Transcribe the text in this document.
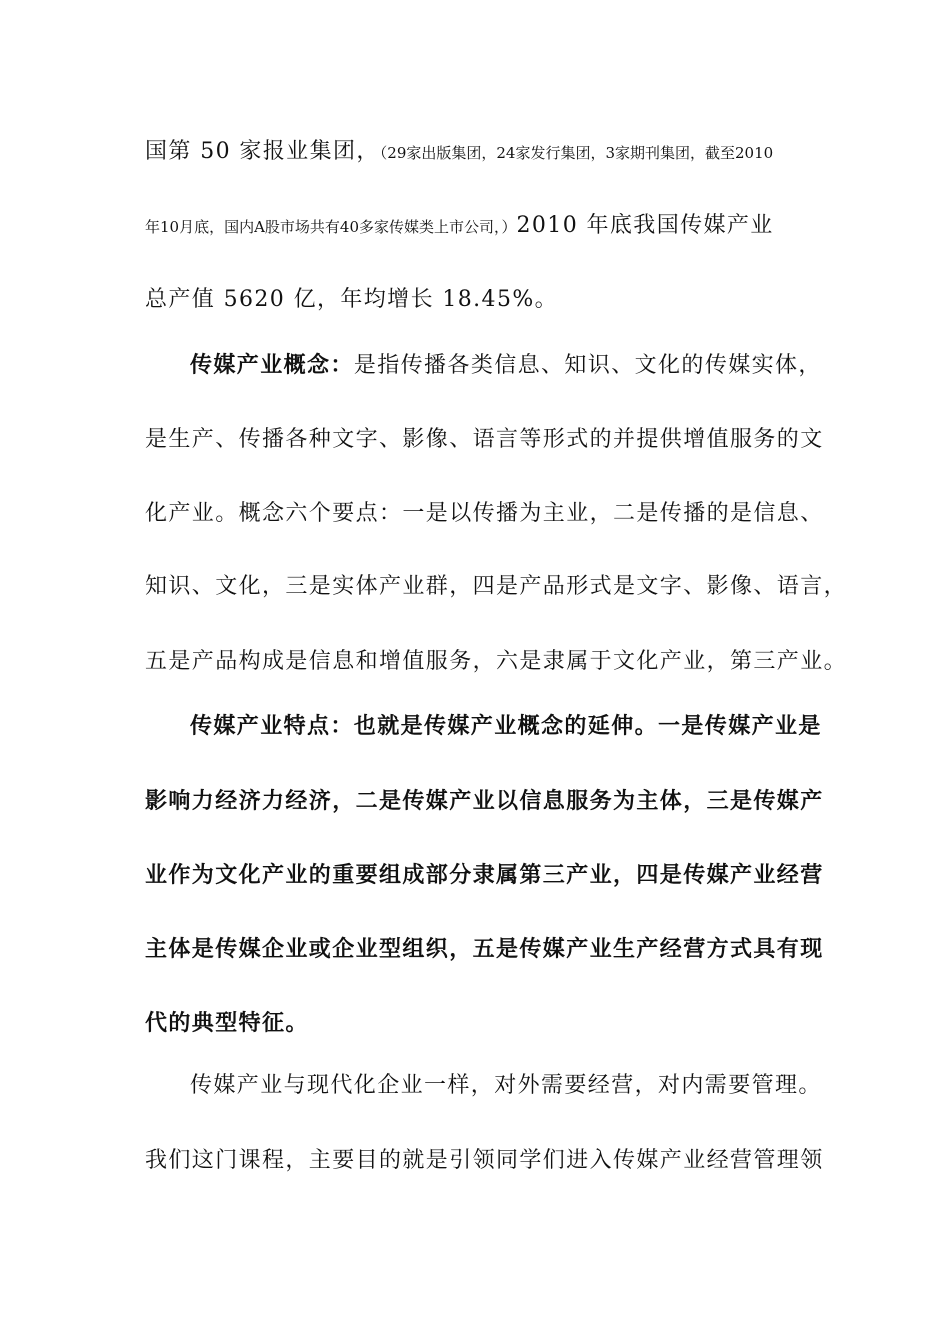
国第 50 家报业集团，（29家出版集团，24家发行集团，3家期刊集团，截至2010
年10月底，国内A股市场共有40多家传媒类上市公司，）2010 年底我国传媒产业
总产值 5620 亿，年均增长 18.45%。
传媒产业概念：是指传播各类信息、知识、文化的传媒实体，
是生产、传播各种文字、影像、语言等形式的并提供增值服务的文
化产业。概念六个要点：一是以传播为主业，二是传播的是信息、
知识、文化，三是实体产业群，四是产品形式是文字、影像、语言，
五是产品构成是信息和增值服务，六是隶属于文化产业，第三产业。
传媒产业特点：也就是传媒产业概念的延伸。一是传媒产业是
影响力经济力经济，二是传媒产业以信息服务为主体，三是传媒产
业作为文化产业的重要组成部分隶属第三产业，四是传媒产业经营
主体是传媒企业或企业型组织，五是传媒产业生产经营方式具有现
代的典型特征。
传媒产业与现代化企业一样，对外需要经营，对内需要管理。
我们这门课程，主要目的就是引领同学们进入传媒产业经营管理领
